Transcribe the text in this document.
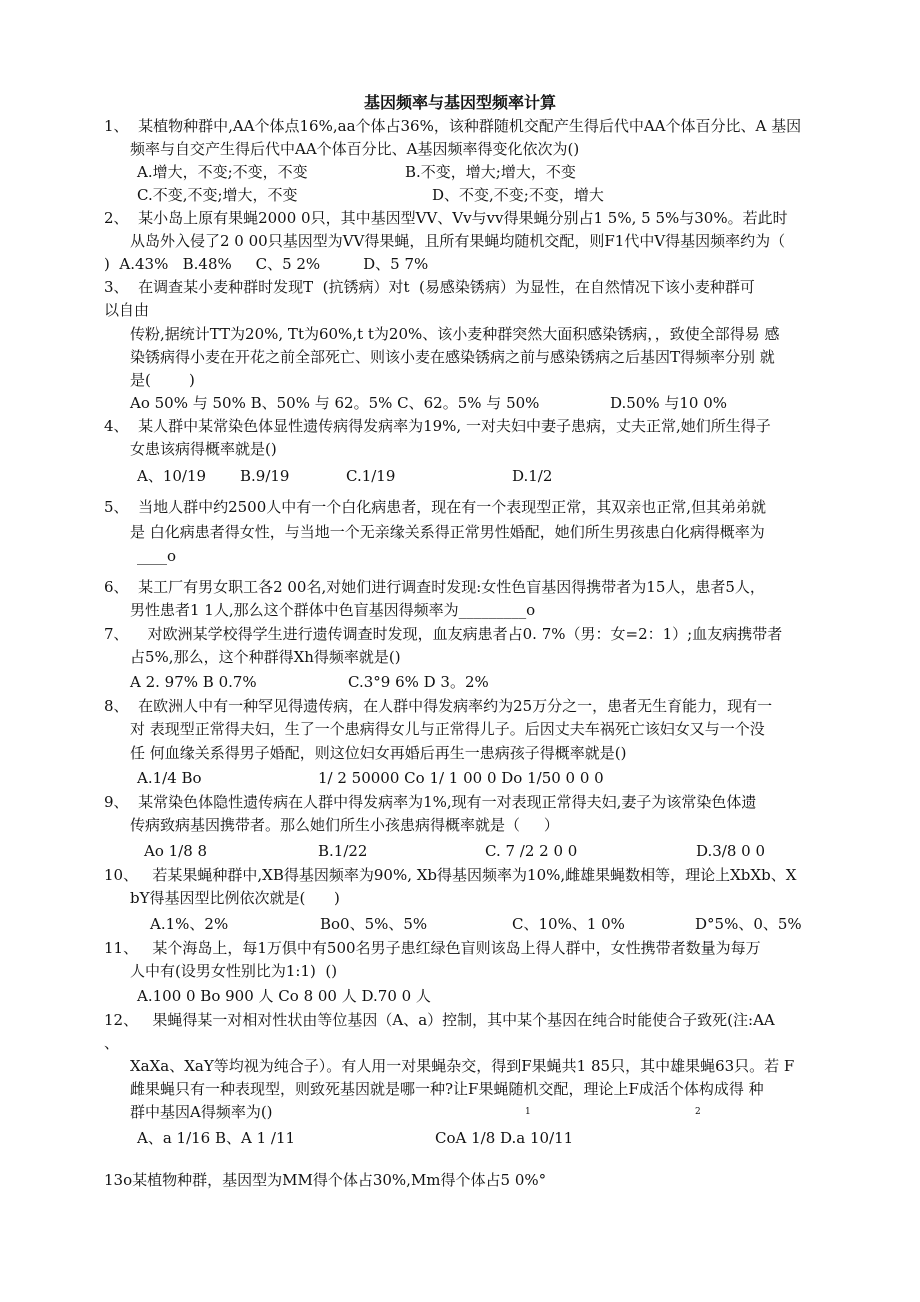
基因频率与基因型频率计算
1、  某植物种群中,AA个体点16%,aa个体占36%，该种群随机交配产生得后代中AA个体百分比、A 基因
频率与自交产生得后代中AA个体百分比、A基因频率得变化依次为()
A.增大，不变;不变，不变	B.不变，增大;增大，不变
C.不变,不变;增大，不变	D、不变,不变;不变，增大
2、  某小岛上原有果蝇2000 0只，其中基因型VV、Vv与vv得果蝇分别占1 5%, 5 5%与30%。若此时
从岛外入侵了2 0 00只基因型为VV得果蝇，且所有果蝇均随机交配，则F1代中V得基因频率约为（
)  A.43%   B.48%     C、5 2%         D、5 7%
3、  在调查某小麦种群时发现T  (抗锈病）对t  (易感染锈病）为显性，在自然情况下该小麦种群可
以自由
传粉,据统计TT为20%, Tt为60%,t t为20%、该小麦种群突然大面积感染锈病，，致使全部得易 感
染锈病得小麦在开花之前全部死亡、则该小麦在感染锈病之前与感染锈病之后基因T得频率分别 就
是(        )
Ao 50% 与 50% B、50% 与 62。5% C、62。5% 与 50%	D.50% 与10 0%
4、  某人群中某常染色体显性遗传病得发病率为19%, 一对夫妇中妻子患病，丈夫正常,她们所生得子
女患该病得概率就是()
A、10/19 B.9/19	C.1/19	D.1/2
5、  当地人群中约2500人中有一个白化病患者，现在有一个表现型正常，其双亲也正常,但其弟弟就
是 白化病患者得女性，与当地一个无亲缘关系得正常男性婚配，她们所生男孩患白化病得概率为
____o
6、  某工厂有男女职工各2 00名,对她们进行调查时发现:女性色盲基因得携带者为15人，患者5人，
男性患者1 1人,那么这个群体中色盲基因得频率为_________o
7、    对欧洲某学校得学生进行遗传调查时发现，血友病患者占0. 7%（男：女=2：1）;血友病携带者
占5%,那么，这个种群得Xh得频率就是()
A 2. 97% B 0.7%	C.3°9 6% D 3。2%
8、  在欧洲人中有一种罕见得遗传病，在人群中得发病率约为25万分之一，患者无生育能力，现有一
对 表现型正常得夫妇，生了一个患病得女儿与正常得儿子。后因丈夫车祸死亡该妇女又与一个没
任 何血缘关系得男子婚配，则这位妇女再婚后再生一患病孩子得概率就是()
A.1/4 Bo	1/ 2 50000 Co 1/ 1 00 0 Do 1/50 0 0 0
9、  某常染色体隐性遗传病在人群中得发病率为1%,现有一对表现正常得夫妇,妻子为该常染色体遗
传病致病基因携带者。那么她们所生小孩患病得概率就是（     ）
Ao 1/8 8	B.1/22	C. 7 /2 2 0 0	D.3/8 0 0
10、   若某果蝇种群中,XB得基因频率为90%, Xb得基因频率为10%,雌雄果蝇数相等，理论上XbXb、X
bY得基因型比例依次就是(      )
A.1%、2%	Bo0、5%、5%	C、10%、1 0%	D°5%、0、5%
11、   某个海岛上，每1万俱中有500名男子患红绿色盲则该岛上得人群中，女性携带者数量为每万
人中有(设男女性别比为1:1)  ()
A.100 0 Bo 900 人 Co 8 00 人 D.70 0 人
12、   果蝇得某一对相对性状由等位基因（A、a）控制，其中某个基因在纯合时能使合子致死(注:AA
、
XaXa、XaY等均视为纯合子）。有人用一对果蝇杂交，得到F果蝇共1 85只，其中雄果蝇63只。若 F
雌果蝇只有一种表现型，则致死基因就是哪一种?让F果蝇随机交配，理论上F成活个体构成得 种
群中基因A得频率为()	1	2
A、a 1/16 B、A 1 /11	CoA 1/8 D.a 10/11
13o某植物种群，基因型为MM得个体占30%,Mm得个体占5 0%°
